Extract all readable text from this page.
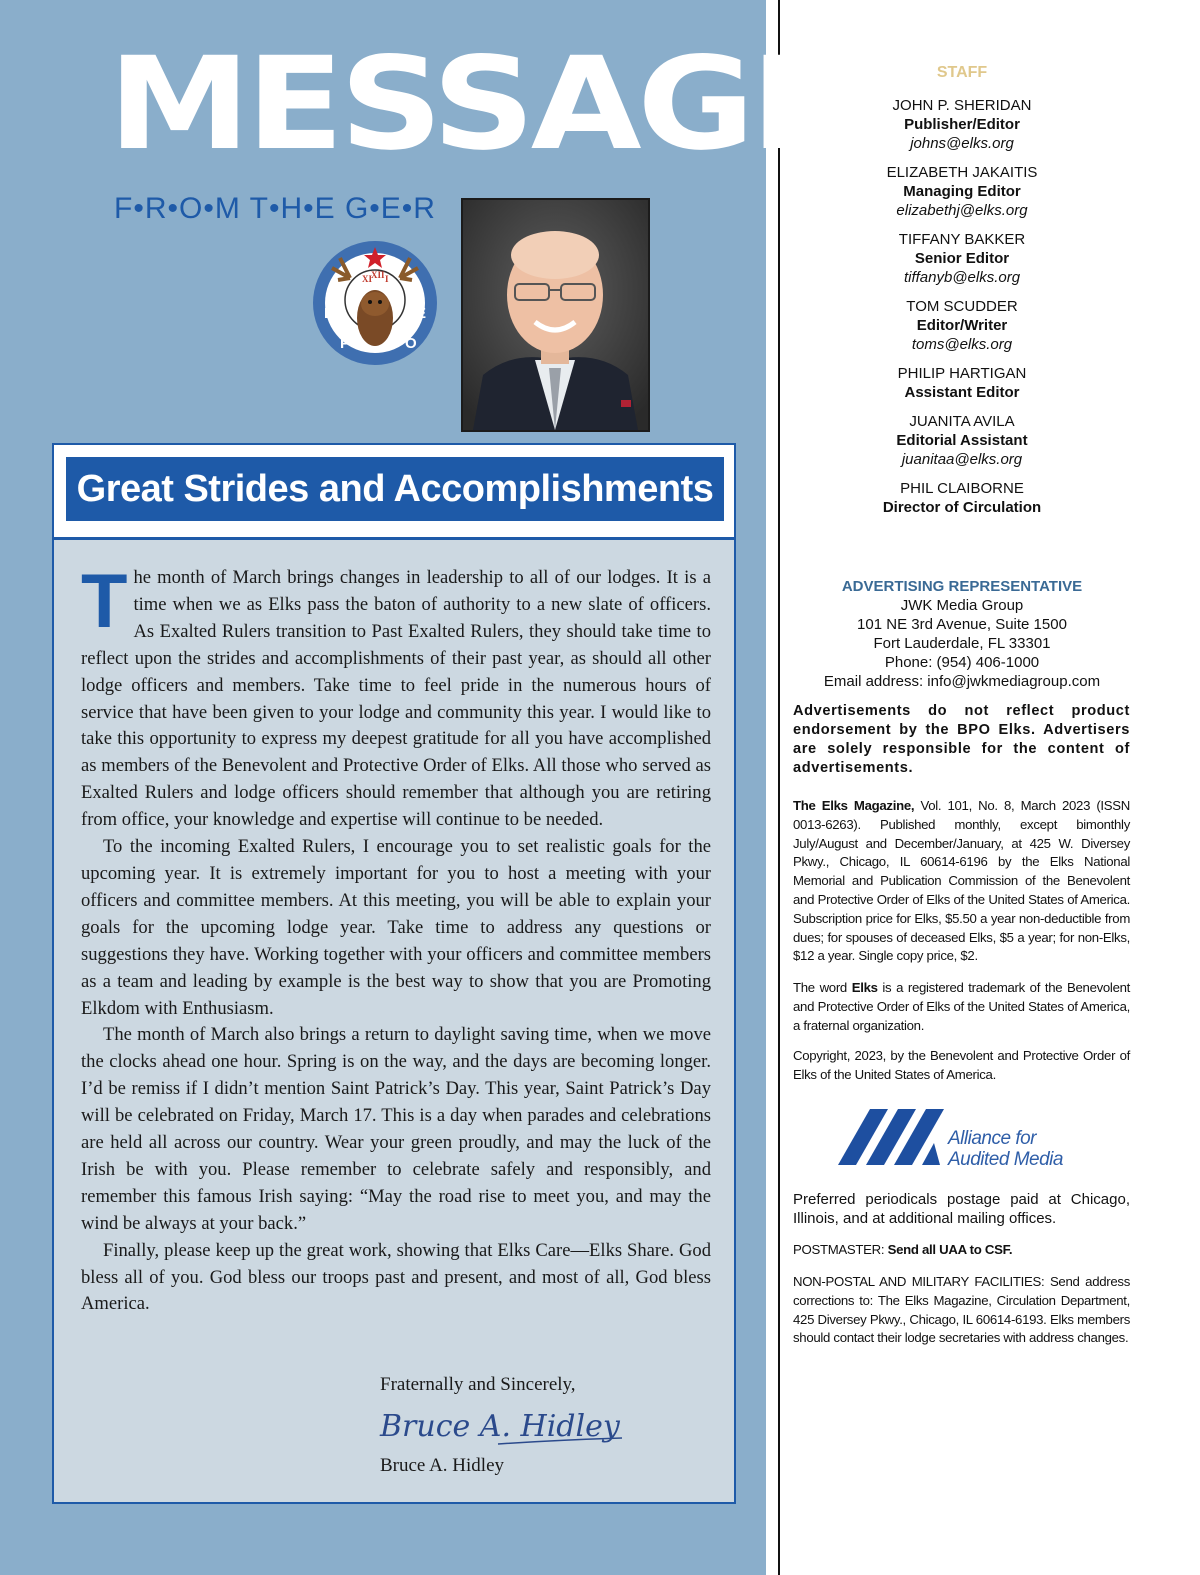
MESSAGE
F•R•O•M T•H•E G•E•R
XI
XII I
B
P	O
E
Great Strides and Accomplishments

The month of March brings changes in leadership to all of our lodges. It is a time when we as Elks pass the baton of authority to a new slate of officers. As Exalted Rulers transition to Past Exalted Rulers, they should take time to reflect upon the strides and accomplishments of their past year, as should all other lodge officers and members. Take time to feel pride in the numerous hours of service that have been given to your lodge and community this year. I would like to take this opportunity to express my deepest gratitude for all you have accomplished as members of the Benevolent and Protective Order of Elks. All those who served as Exalted Rulers and lodge officers should remember that although you are retiring from office, your knowledge and expertise will continue to be needed.

To the incoming Exalted Rulers, I encourage you to set realistic goals for the upcoming year. It is extremely important for you to host a meeting with your officers and committee members. At this meeting, you will be able to explain your goals for the upcoming lodge year. Take time to address any questions or suggestions they have. Working together with your officers and committee members as a team and leading by example is the best way to show that you are Promoting Elkdom with Enthusiasm.

The month of March also brings a return to daylight saving time, when we move the clocks ahead one hour. Spring is on the way, and the days are becoming longer. I’d be remiss if I didn’t mention Saint Patrick’s Day. This year, Saint Patrick’s Day will be celebrated on Friday, March 17. This is a day when parades and celebrations are held all across our country. Wear your green proudly, and may the luck of the Irish be with you. Please remember to celebrate safely and responsibly, and remember this famous Irish saying: “May the road rise to meet you, and may the wind be always at your back.”

Finally, please keep up the great work, showing that Elks Care—Elks Share. God bless all of you. God bless our troops past and present, and most of all, God bless America.

Fraternally and Sincerely,
Bruce A. Hidley
Bruce A. Hidley
STAFF
JOHN P. SHERIDAN
Publisher/Editor
johns@elks.org
ELIZABETH JAKAITIS
Managing Editor
elizabethj@elks.org
TIFFANY BAKKER
Senior Editor
tiffanyb@elks.org
TOM SCUDDER
Editor/Writer
toms@elks.org
PHILIP HARTIGAN
Assistant Editor
JUANITA AVILA
Editorial Assistant
juanitaa@elks.org
PHIL CLAIBORNE
Director of Circulation
ADVERTISING REPRESENTATIVE
JWK Media Group
101 NE 3rd Avenue, Suite 1500
Fort Lauderdale, FL 33301
Phone: (954) 406-1000
Email address: info@jwkmediagroup.com
Advertisements do not reflect product endorsement by the BPO Elks. Advertisers are solely responsible for the content of advertisements.
The Elks Magazine, Vol. 101, No. 8, March 2023 (ISSN 0013-6263). Published monthly, except bimonthly July/August and December/January, at 425 W. Diversey Pkwy., Chicago, IL 60614-6196 by the Elks National Memorial and Publication Commission of the Benevolent and Protective Order of Elks of the United States of America. Subscription price for Elks, $5.50 a year non-deductible from dues; for spouses of deceased Elks, $5 a year; for non-Elks, $12 a year. Single copy price, $2.
The word Elks is a registered trademark of the Benevolent and Protective Order of Elks of the United States of America, a fraternal organization.
Copyright, 2023, by the Benevolent and Protective Order of Elks of the United States of America.
Alliance for
Audited Media
Preferred periodicals postage paid at Chicago, Illinois, and at additional mailing offices.
POSTMASTER: Send all UAA to CSF.
NON-POSTAL AND MILITARY FACILITIES: Send address corrections to: The Elks Magazine, Circulation Department, 425 Diversey Pkwy., Chicago, IL 60614-6193. Elks members should contact their lodge secretaries with address changes.
